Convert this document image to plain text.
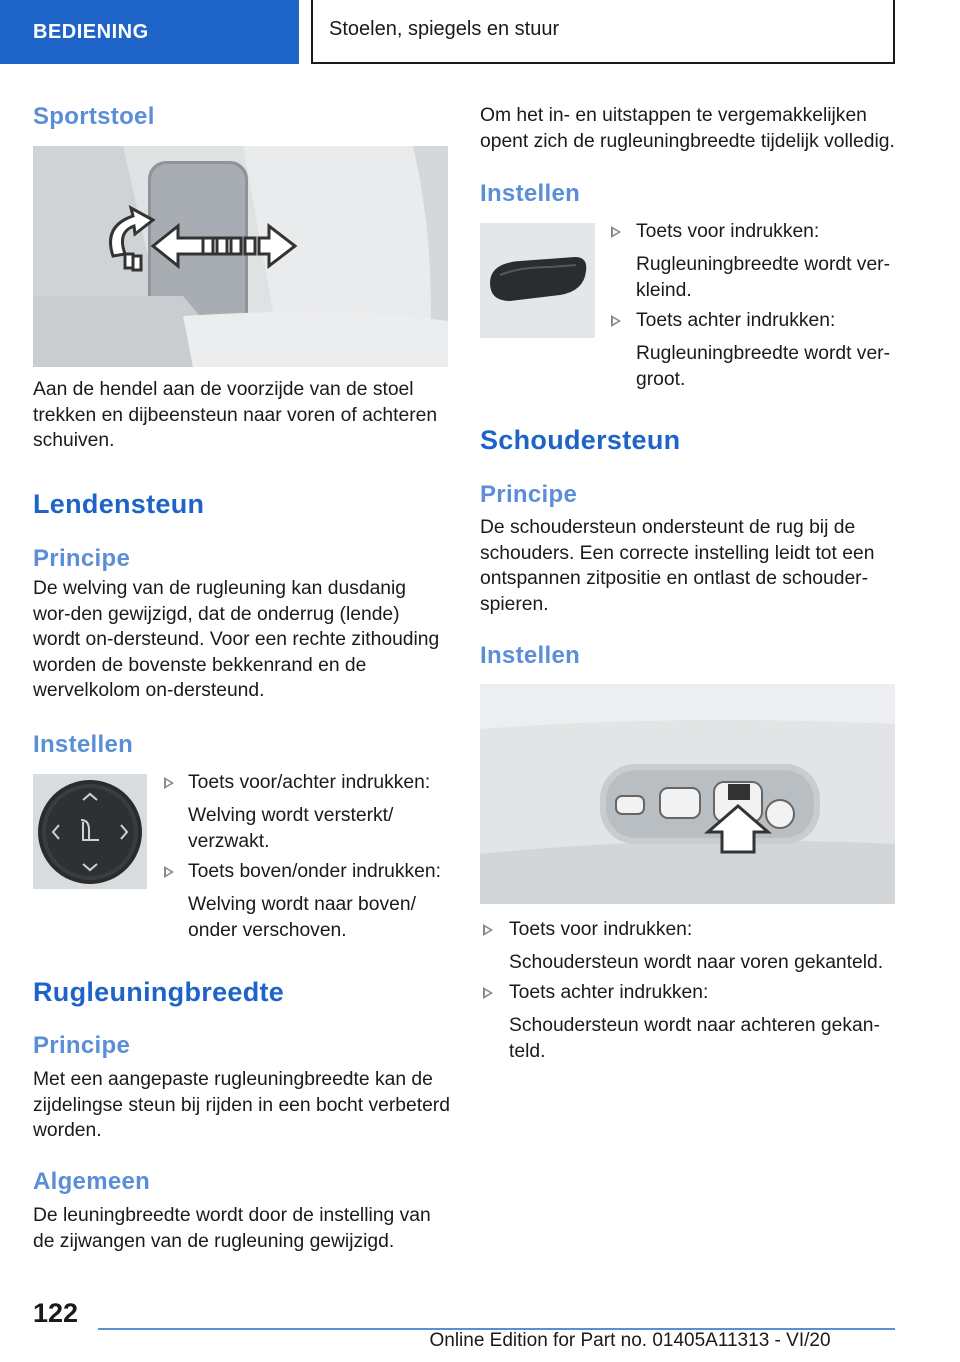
BEDIENING	Stoelen, spiegels en stuur
Sportstoel
Aan de hendel aan de voorzijde van de stoel trekken en dijbeensteun naar voren of achteren schuiven.
Lendensteun
Principe
De welving van de rugleuning kan dusdanig wor-den gewijzigd, dat de onderrug (lende) wordt on-dersteund. Voor een rechte zithouding worden de bovenste bekkenrand en de wervelkolom on-dersteund.
Instellen
Toets voor/achter indrukken:
Welving wordt versterkt/ verzwakt.
Toets boven/onder indrukken:
Welving wordt naar boven/ onder verschoven.
Rugleuningbreedte
Principe
Met een aangepaste rugleuningbreedte kan de zijdelingse steun bij rijden in een bocht verbeterd worden.
Algemeen
De leuningbreedte wordt door de instelling van de zijwangen van de rugleuning gewijzigd.
Om het in- en uitstappen te vergemakkelijken opent zich de rugleuningbreedte tijdelijk volledig.
Instellen
Toets voor indrukken:
Rugleuningbreedte wordt ver-kleind.
Toets achter indrukken:
Rugleuningbreedte wordt ver-groot.
Schoudersteun
Principe
De schoudersteun ondersteunt de rug bij de schouders. Een correcte instelling leidt tot een ontspannen zitpositie en ontlast de schouder-spieren.
Instellen
Toets voor indrukken:
Schoudersteun wordt naar voren gekanteld.
Toets achter indrukken:
Schoudersteun wordt naar achteren gekan-teld.
122
Online Edition for Part no. 01405A11313 - VI/20
